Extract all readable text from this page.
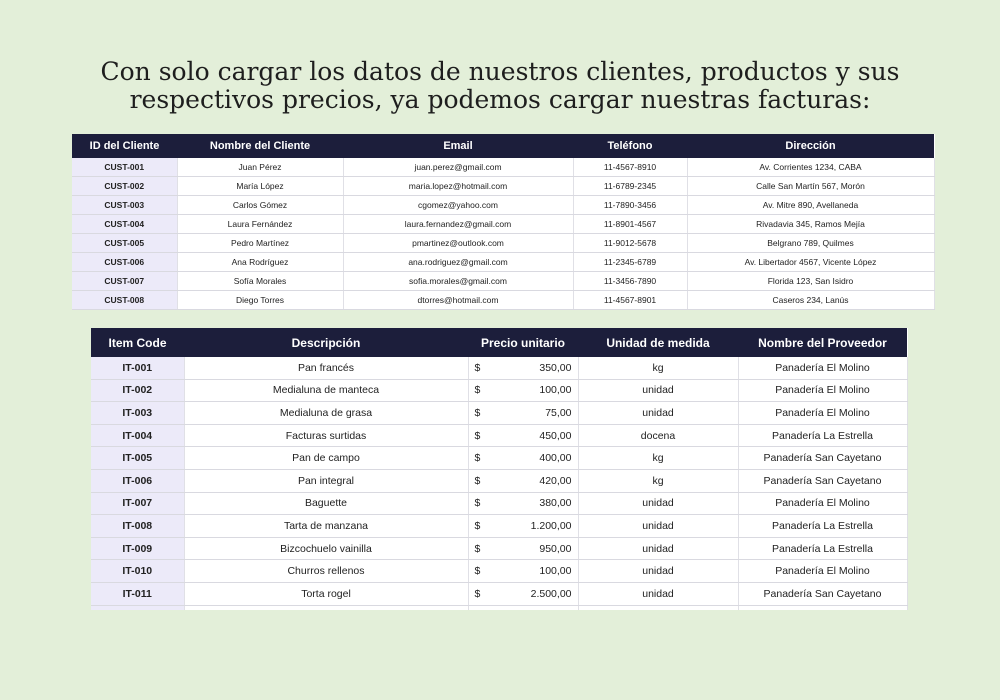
Con solo cargar los datos de nuestros clientes, productos y sus
respectivos precios, ya podemos cargar nuestras facturas:
ID del Cliente	Nombre del Cliente	Email	Teléfono	Dirección
CUST-001	Juan Pérez	juan.perez@gmail.com	11-4567-8910	Av. Corrientes 1234, CABA
CUST-002	María López	maria.lopez@hotmail.com	11-6789-2345	Calle San Martín 567, Morón
CUST-003	Carlos Gómez	cgomez@yahoo.com	11-7890-3456	Av. Mitre 890, Avellaneda
CUST-004	Laura Fernández	laura.fernandez@gmail.com	11-8901-4567	Rivadavia 345, Ramos Mejía
CUST-005	Pedro Martínez	pmartinez@outlook.com	11-9012-5678	Belgrano 789, Quilmes
CUST-006	Ana Rodríguez	ana.rodriguez@gmail.com	11-2345-6789	Av. Libertador 4567, Vicente López
CUST-007	Sofía Morales	sofia.morales@gmail.com	11-3456-7890	Florida 123, San Isidro
CUST-008	Diego Torres	dtorres@hotmail.com	11-4567-8901	Caseros 234, Lanús
Item Code	Descripción	Precio unitario	Unidad de medida	Nombre del Proveedor
IT-001	Pan francés	$ 350,00	kg	Panadería El Molino
IT-002	Medialuna de manteca	$ 100,00	unidad	Panadería El Molino
IT-003	Medialuna de grasa	$ 75,00	unidad	Panadería El Molino
IT-004	Facturas surtidas	$ 450,00	docena	Panadería La Estrella
IT-005	Pan de campo	$ 400,00	kg	Panadería San Cayetano
IT-006	Pan integral	$ 420,00	kg	Panadería San Cayetano
IT-007	Baguette	$ 380,00	unidad	Panadería El Molino
IT-008	Tarta de manzana	$ 1.200,00	unidad	Panadería La Estrella
IT-009	Bizcochuelo vainilla	$ 950,00	unidad	Panadería La Estrella
IT-010	Churros rellenos	$ 100,00	unidad	Panadería El Molino
IT-011	Torta rogel	$ 2.500,00	unidad	Panadería San Cayetano
